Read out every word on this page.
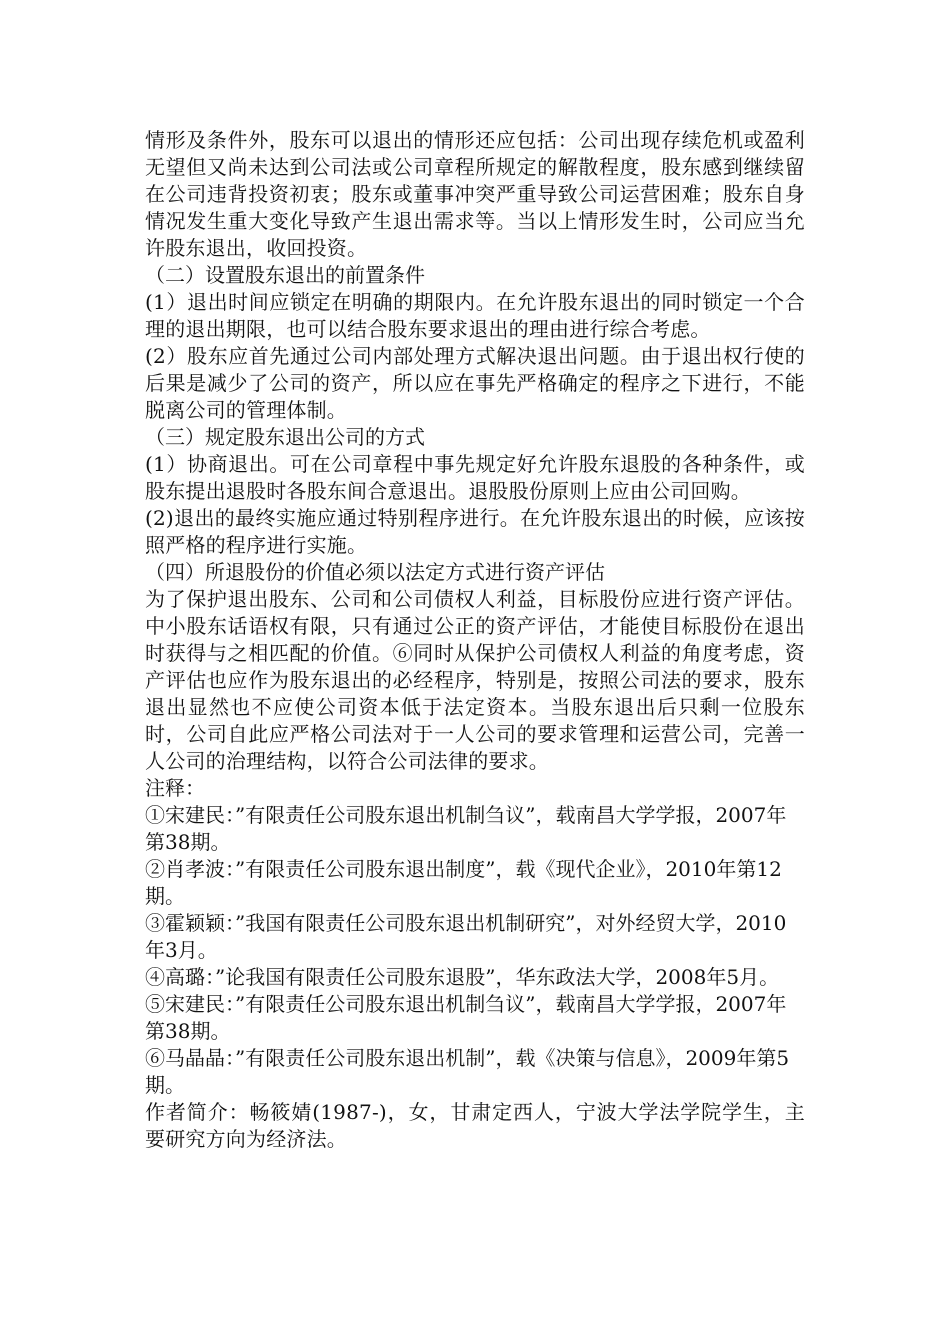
情形及条件外，股东可以退出的情形还应包括：公司出现存续危机或盈利无望但又尚未达到公司法或公司章程所规定的解散程度，股东感到继续留在公司违背投资初衷；股东或董事冲突严重导致公司运营困难；股东自身情况发生重大变化导致产生退出需求等。当以上情形发生时，公司应当允许股东退出，收回投资。

（二）设置股东退出的前置条件

(1）退出时间应锁定在明确的期限内。在允许股东退出的同时锁定一个合理的退出期限，也可以结合股东要求退出的理由进行综合考虑。

(2）股东应首先通过公司内部处理方式解决退出问题。由于退出权行使的后果是减少了公司的资产，所以应在事先严格确定的程序之下进行，不能脱离公司的管理体制。

（三）规定股东退出公司的方式

(1）协商退出。可在公司章程中事先规定好允许股东退股的各种条件，或股东提出退股时各股东间合意退出。退股股份原则上应由公司回购。

(2)退出的最终实施应通过特别程序进行。在允许股东退出的时候，应该按照严格的程序进行实施。

（四）所退股份的价值必须以法定方式进行资产评估

为了保护退出股东、公司和公司债权人利益，目标股份应进行资产评估。中小股东话语权有限，只有通过公正的资产评估，才能使目标股份在退出时获得与之相匹配的价值。⑥同时从保护公司债权人利益的角度考虑，资产评估也应作为股东退出的必经程序，特别是，按照公司法的要求，股东退出显然也不应使公司资本低于法定资本。当股东退出后只剩一位股东时，公司自此应严格公司法对于一人公司的要求管理和运营公司，完善一人公司的治理结构，以符合公司法律的要求。

注释：

①宋建民：”有限责任公司股东退出机制刍议”，载南昌大学学报，2007年第38期。

②肖孝波：”有限责任公司股东退出制度”，载《现代企业》，2010年第12期。

③霍颖颖：”我国有限责任公司股东退出机制研究”，对外经贸大学，2010年3月。

④高璐：”论我国有限责任公司股东退股”，华东政法大学，2008年5月。

⑤宋建民：”有限责任公司股东退出机制刍议”，载南昌大学学报，2007年第38期。

⑥马晶晶：”有限责任公司股东退出机制”，载《决策与信息》，2009年第5期。

作者简介：畅筱婧(1987-)，女，甘肃定西人，宁波大学法学院学生，主要研究方向为经济法。
